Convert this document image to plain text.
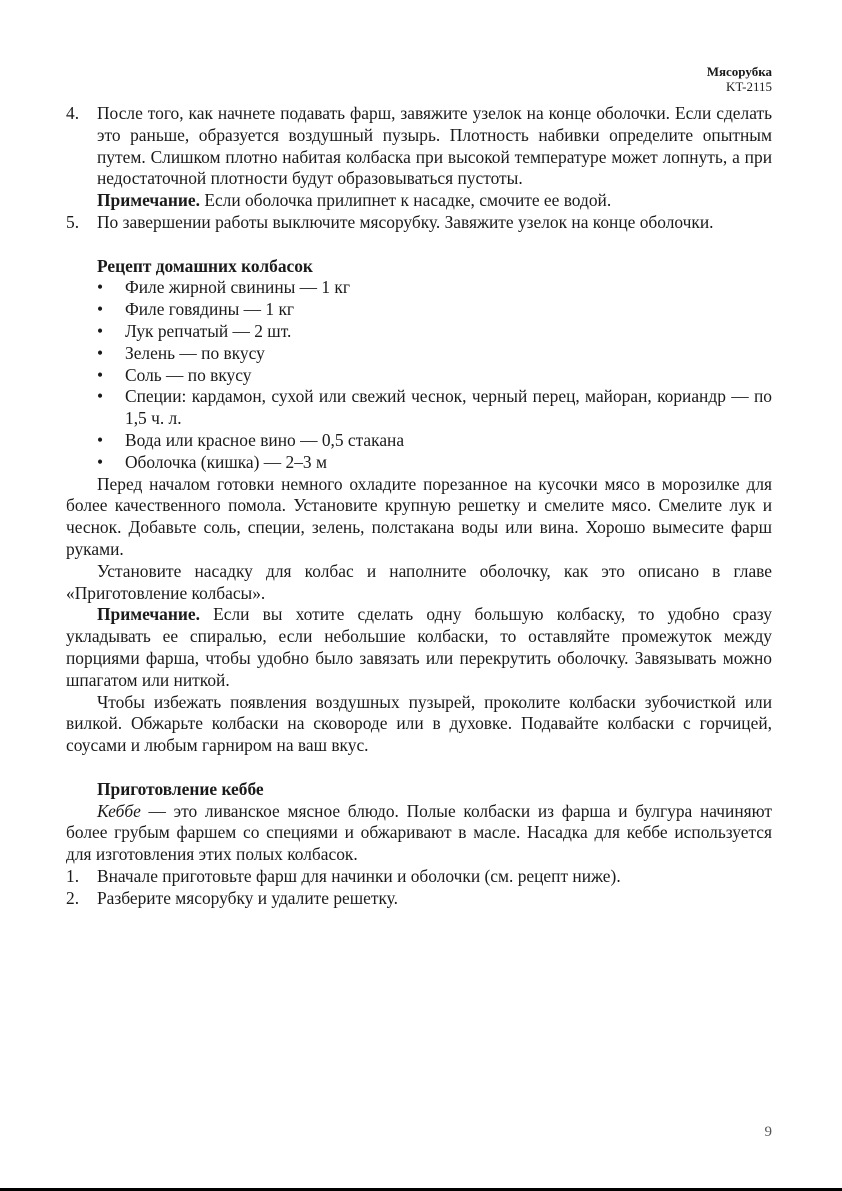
Мясорубка
KT-2115
4. После того, как начнете подавать фарш, завяжите узелок на конце оболочки. Если сделать это раньше, образуется воздушный пузырь. Плотность набивки определите опытным путем. Слишком плотно набитая колбаска при высокой температуре может лопнуть, а при недостаточной плотности будут образовываться пустоты.

Примечание. Если оболочка прилипнет к насадке, смочите ее водой.

5. По завершении работы выключите мясорубку. Завяжите узелок на конце оболочки.
Рецепт домашних колбасок
• Филе жирной свинины — 1 кг
• Филе говядины — 1 кг
• Лук репчатый — 2 шт.
• Зелень — по вкусу
• Соль — по вкусу
• Специи: кардамон, сухой или свежий чеснок, черный перец, майоран, кориандр — по 1,5 ч. л.
• Вода или красное вино — 0,5 стакана
• Оболочка (кишка) — 2–3 м

Перед началом готовки немного охладите порезанное на кусочки мясо в морозилке для более качественного помола. Установите крупную решетку и смелите мясо. Смелите лук и чеснок. Добавьте соль, специи, зелень, полстакана воды или вина. Хорошо вымесите фарш руками.

Установите насадку для колбас и наполните оболочку, как это описано в главе «Приготовление колбасы».

Примечание. Если вы хотите сделать одну большую колбаску, то удобно сразу укладывать ее спиралью, если небольшие колбаски, то оставляйте промежуток между порциями фарша, чтобы удобно было завязать или перекрутить оболочку. Завязывать можно шпагатом или ниткой.

Чтобы избежать появления воздушных пузырей, проколите колбаски зубочисткой или вилкой. Обжарьте колбаски на сковороде или в духовке. Подавайте колбаски с горчицей, соусами и любым гарниром на ваш вкус.

Приготовление кеббе

Кеббе — это ливанское мясное блюдо. Полые колбаски из фарша и булгура начиняют более грубым фаршем со специями и обжаривают в масле. Насадка для кеббе используется для изготовления этих полых колбасок.

1. Вначале приготовьте фарш для начинки и оболочки (см. рецепт ниже).
2. Разберите мясорубку и удалите решетку.
9
